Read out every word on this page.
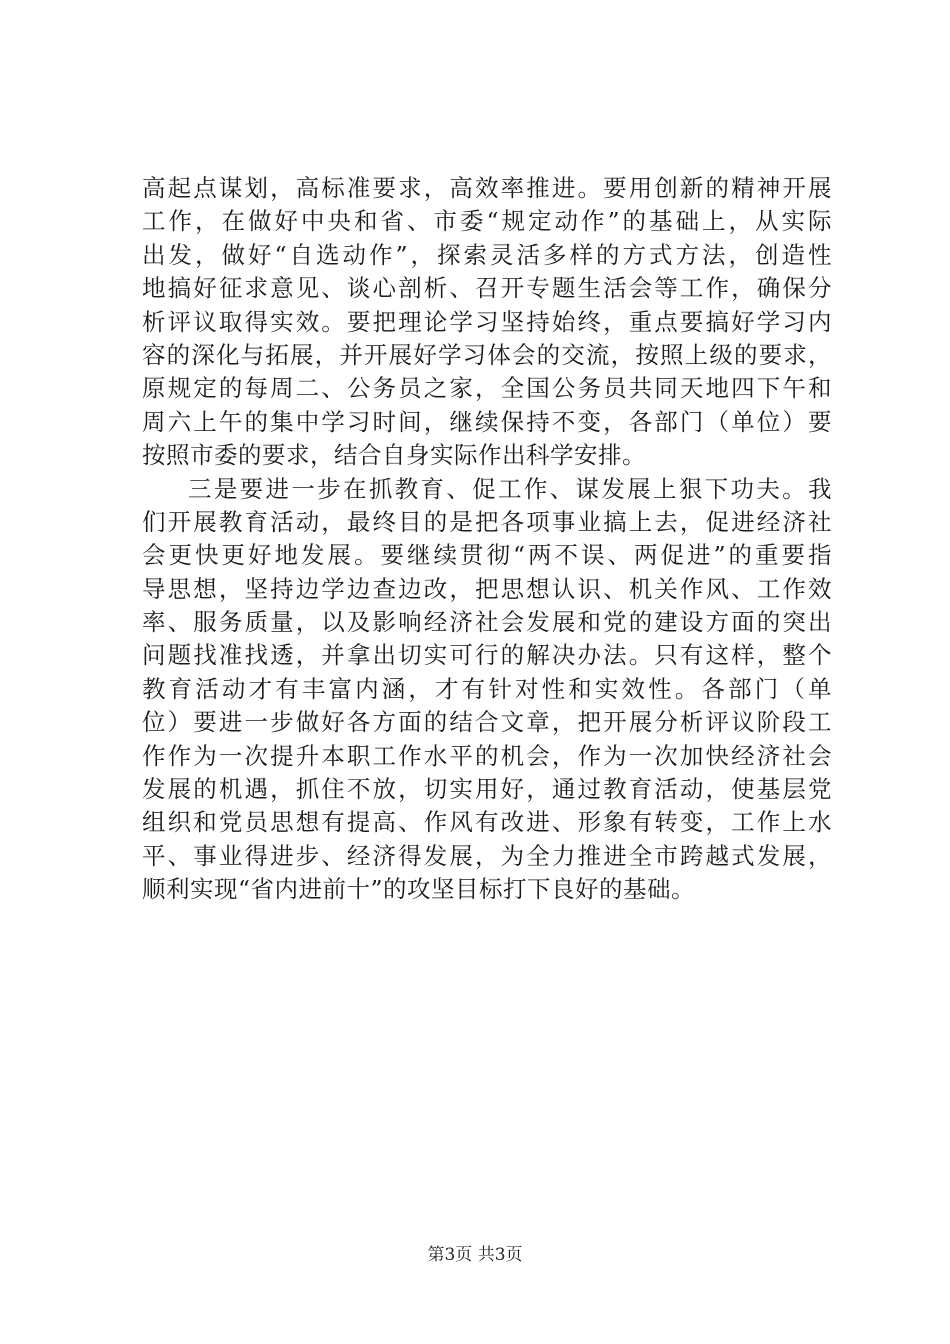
高起点谋划，高标准要求，高效率推进。要用创新的精神开展
工作，在做好中央和省、市委“规定动作”的基础上，从实际
出发，做好“自选动作”，探索灵活多样的方式方法，创造性
地搞好征求意见、谈心剖析、召开专题生活会等工作，确保分
析评议取得实效。要把理论学习坚持始终，重点要搞好学习内
容的深化与拓展，并开展好学习体会的交流，按照上级的要求，
原规定的每周二、公务员之家，全国公务员共同天地四下午和
周六上午的集中学习时间，继续保持不变，各部门（单位）要
按照市委的要求，结合自身实际作出科学安排。
三是要进一步在抓教育、促工作、谋发展上狠下功夫。我
们开展教育活动，最终目的是把各项事业搞上去，促进经济社
会更快更好地发展。要继续贯彻“两不误、两促进”的重要指
导思想，坚持边学边查边改，把思想认识、机关作风、工作效
率、服务质量，以及影响经济社会发展和党的建设方面的突出
问题找准找透，并拿出切实可行的解决办法。只有这样，整个
教育活动才有丰富内涵，才有针对性和实效性。各部门（单
位）要进一步做好各方面的结合文章，把开展分析评议阶段工
作作为一次提升本职工作水平的机会，作为一次加快经济社会
发展的机遇，抓住不放，切实用好，通过教育活动，使基层党
组织和党员思想有提高、作风有改进、形象有转变，工作上水
平、事业得进步、经济得发展，为全力推进全市跨越式发展，
顺利实现“省内进前十”的攻坚目标打下良好的基础。
第3页 共3页
